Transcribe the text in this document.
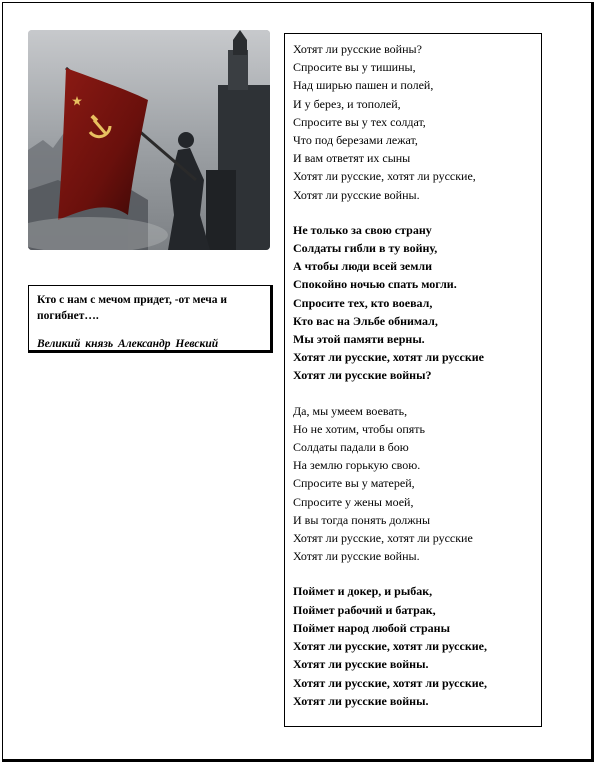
Кто с нам с мечом придет, -от меча и погибнет….
Великий князь Александр Невский
Хотят ли русские войны?
Спросите вы у тишины,
Над ширью пашен и полей,
И у берез, и тополей,
Спросите вы у тех солдат,
Что под березами лежат,
И вам ответят их сыны
Хотят ли русские, хотят ли русские,
Хотят ли русские войны.
Не только за свою страну
Солдаты гибли в ту войну,
А чтобы люди всей земли
Спокойно ночью спать могли.
Спросите тех, кто воевал,
Кто вас на Эльбе обнимал,
Мы этой памяти верны.
Хотят ли русские, хотят ли русские
Хотят ли русские войны?
Да, мы умеем воевать,
Но не хотим, чтобы опять
Солдаты падали в бою
На землю горькую свою.
Спросите вы у матерей,
Спросите у жены моей,
И вы тогда понять должны
Хотят ли русские, хотят ли русские
Хотят ли русские войны.
Поймет и докер, и рыбак,
Поймет рабочий и батрак,
Поймет народ любой страны
Хотят ли русские, хотят ли русские,
Хотят ли русские войны.
Хотят ли русские, хотят ли русские,
Хотят ли русские войны.
